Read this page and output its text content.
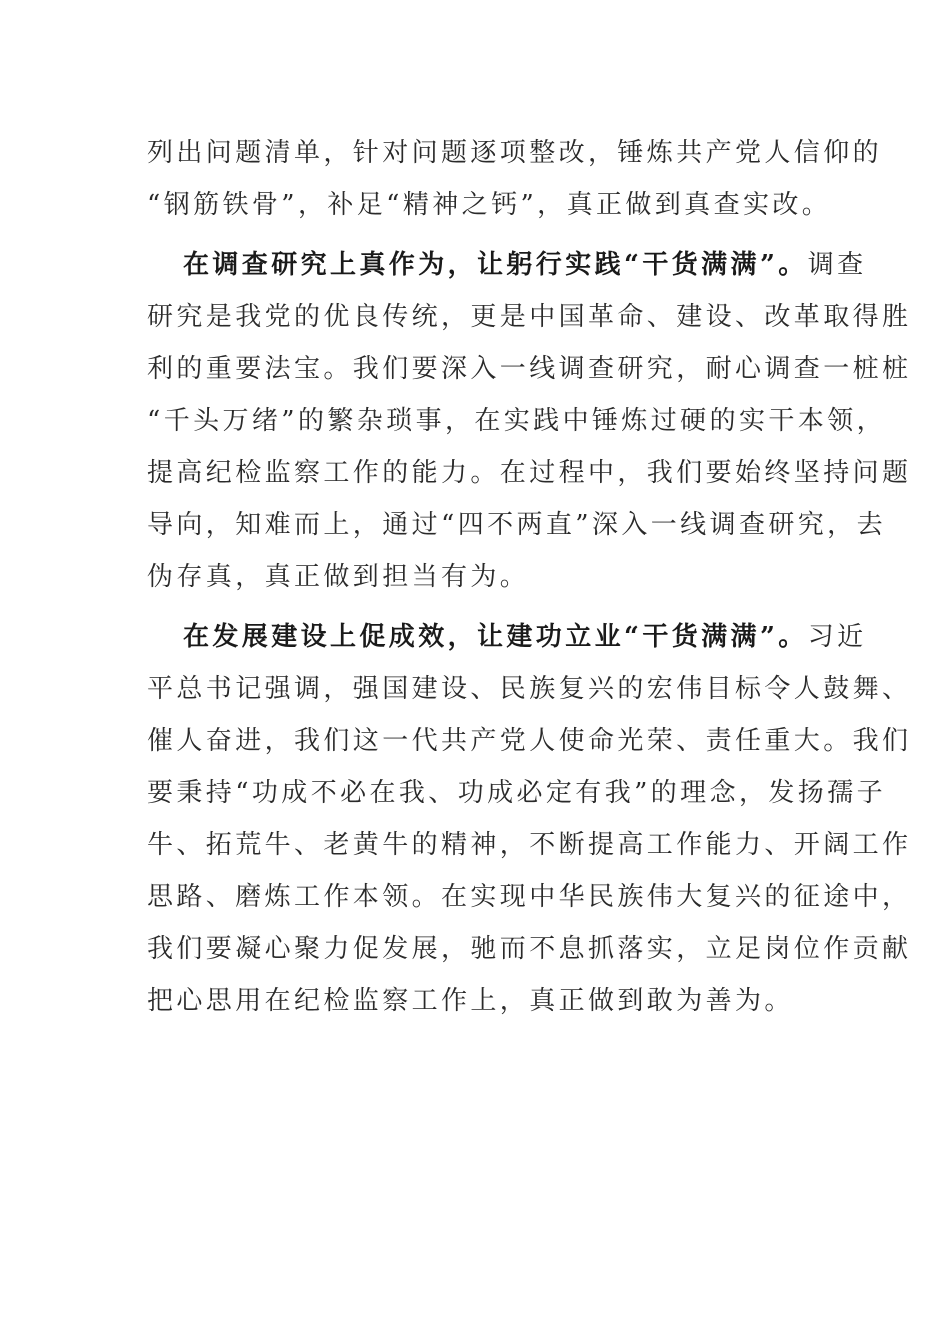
列出问题清单，针对问题逐项整改，锤炼共产党人信仰的
“钢筋铁骨”，补足“精神之钙”，真正做到真查实改。
在调查研究上真作为，让躬行实践“干货满满”。调查
研究是我党的优良传统，更是中国革命、建设、改革取得胜
利的重要法宝。我们要深入一线调查研究，耐心调查一桩桩
“千头万绪”的繁杂琐事，在实践中锤炼过硬的实干本领，
提高纪检监察工作的能力。在过程中，我们要始终坚持问题
导向，知难而上，通过“四不两直”深入一线调查研究，去
伪存真，真正做到担当有为。
在发展建设上促成效，让建功立业“干货满满”。习近
平总书记强调，强国建设、民族复兴的宏伟目标令人鼓舞、
催人奋进，我们这一代共产党人使命光荣、责任重大。我们
要秉持“功成不必在我、功成必定有我”的理念，发扬孺子
牛、拓荒牛、老黄牛的精神，不断提高工作能力、开阔工作
思路、磨炼工作本领。在实现中华民族伟大复兴的征途中，
我们要凝心聚力促发展，驰而不息抓落实，立足岗位作贡献
把心思用在纪检监察工作上，真正做到敢为善为。
